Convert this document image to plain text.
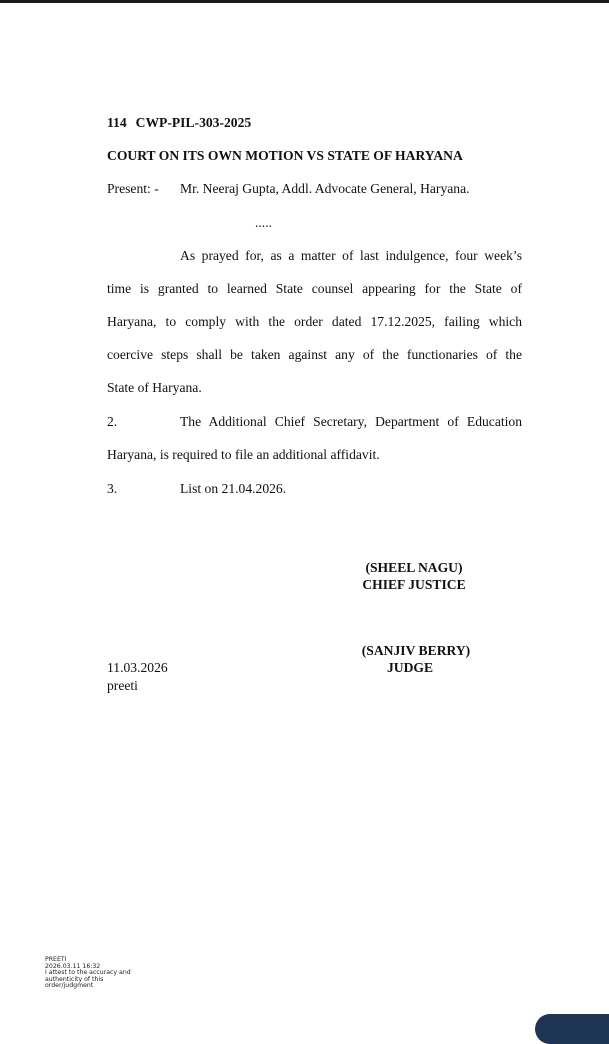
114 CWP-PIL-303-2025
COURT ON ITS OWN MOTION VS STATE OF HARYANA
Present: - Mr. Neeraj Gupta, Addl. Advocate General, Haryana.
.....
As prayed for, as a matter of last indulgence, four week’s
time is granted to learned State counsel appearing for the State of
Haryana, to comply with the order dated 17.12.2025, failing which
coercive steps shall be taken against any of the functionaries of the
State of Haryana.
2.	The Additional Chief Secretary, Department of Education
Haryana, is required to file an additional affidavit.
3.	List on 21.04.2026.
(SHEEL NAGU)
CHIEF JUSTICE
(SANJIV BERRY)
JUDGE
11.03.2026
preeti
PREETI
2026.03.11 16:32
I attest to the accuracy and
authenticity of this
order/judgment
